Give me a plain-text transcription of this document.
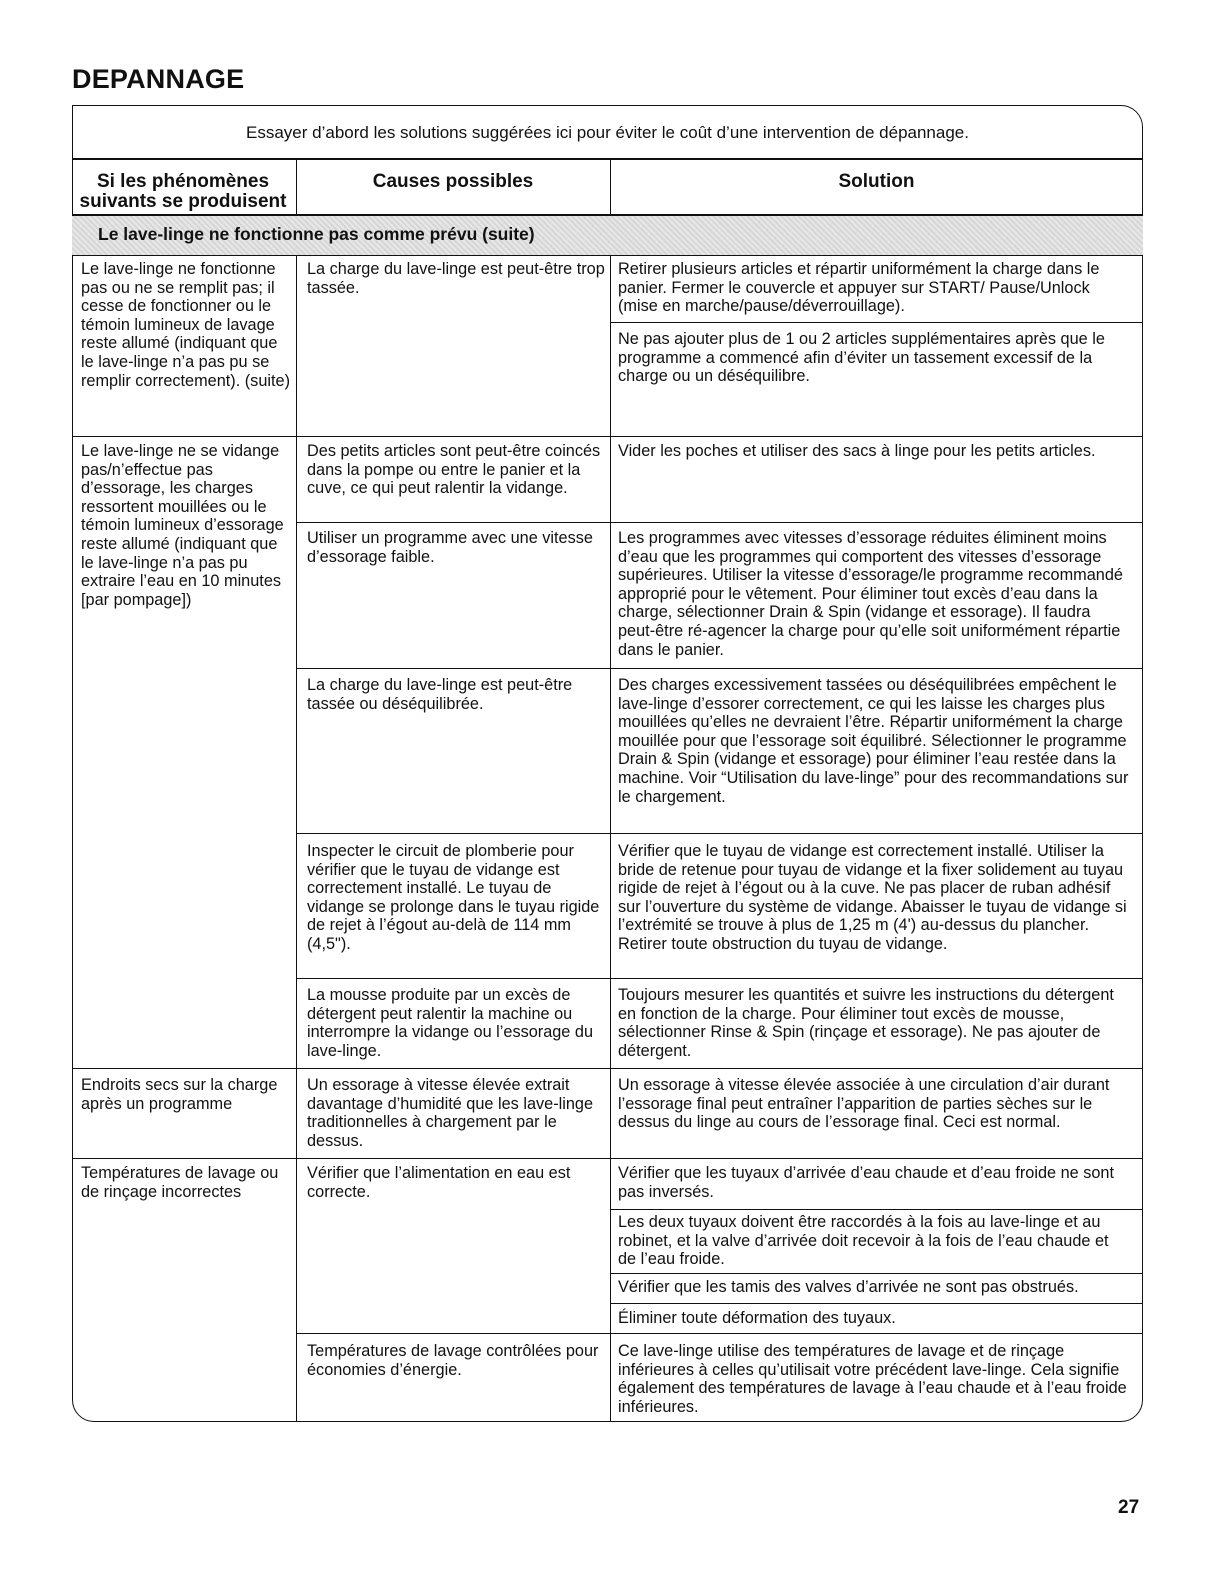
DEPANNAGE
Essayer d’abord les solutions suggérées ici pour éviter le coût d’une intervention de dépannage.
Si les phénomènes suivants se produisent
Causes possibles	Solution
Le lave-linge ne fonctionne pas comme prévu (suite)

Le lave-linge ne fonctionne pas ou ne se remplit pas; il cesse de fonctionner ou le témoin lumineux de lavage reste allumé (indiquant que le lave-linge n’a pas pu se remplir correctement). (suite)

La charge du lave-linge est peut-être trop tassée.

Retirer plusieurs articles et répartir uniformément la charge dans le panier. Fermer le couvercle et appuyer sur START/ Pause/Unlock (mise en marche/pause/déverrouillage).

Ne pas ajouter plus de 1 ou 2 articles supplémentaires après que le programme a commencé afin d’éviter un tassement excessif de la charge ou un déséquilibre.

Le lave-linge ne se vidange pas/n’effectue pas d’essorage, les charges ressortent mouillées ou le témoin lumineux d’essorage reste allumé (indiquant que le lave-linge n’a pas pu extraire l’eau en 10 minutes [par pompage])

Des petits articles sont peut-être coincés dans la pompe ou entre le panier et la cuve, ce qui peut ralentir la vidange.

Vider les poches et utiliser des sacs à linge pour les petits articles.

Utiliser un programme avec une vitesse d’essorage faible.

Les programmes avec vitesses d’essorage réduites éliminent moins d’eau que les programmes qui comportent des vitesses d’essorage supérieures. Utiliser la vitesse d’essorage/le programme recommandé approprié pour le vêtement. Pour éliminer tout excès d’eau dans la charge, sélectionner Drain & Spin (vidange et essorage). Il faudra peut-être ré-agencer la charge pour qu’elle soit uniformément répartie dans le panier.

La charge du lave-linge est peut-être tassée ou déséquilibrée.

Des charges excessivement tassées ou déséquilibrées empêchent le lave-linge d’essorer correctement, ce qui les laisse les charges plus mouillées qu’elles ne devraient l’être. Répartir uniformément la charge mouillée pour que l’essorage soit équilibré. Sélectionner le programme Drain & Spin (vidange et essorage) pour éliminer l’eau restée dans la machine. Voir “Utilisation du lave-linge” pour des recommandations sur le chargement.

Inspecter le circuit de plomberie pour vérifier que le tuyau de vidange est correctement installé. Le tuyau de vidange se prolonge dans le tuyau rigide de rejet à l’égout au-delà de 114 mm (4,5").

Vérifier que le tuyau de vidange est correctement installé. Utiliser la bride de retenue pour tuyau de vidange et la fixer solidement au tuyau rigide de rejet à l’égout ou à la cuve. Ne pas placer de ruban adhésif sur l’ouverture du système de vidange. Abaisser le tuyau de vidange si l’extrémité se trouve à plus de 1,25 m (4') au-dessus du plancher. Retirer toute obstruction du tuyau de vidange.

La mousse produite par un excès de détergent peut ralentir la machine ou interrompre la vidange ou l’essorage du lave-linge.

Toujours mesurer les quantités et suivre les instructions du détergent en fonction de la charge. Pour éliminer tout excès de mousse, sélectionner Rinse & Spin (rinçage et essorage). Ne pas ajouter de détergent.

Endroits secs sur la charge après un programme

Un essorage à vitesse élevée extrait davantage d’humidité que les lave-linge traditionnelles à chargement par le dessus.

Un essorage à vitesse élevée associée à une circulation d’air durant l’essorage final peut entraîner l’apparition de parties sèches sur le dessus du linge au cours de l’essorage final. Ceci est normal.

Températures de lavage ou de rinçage incorrectes

Vérifier que l’alimentation en eau est correcte.

Vérifier que les tuyaux d’arrivée d’eau chaude et d’eau froide ne sont pas inversés.

Les deux tuyaux doivent être raccordés à la fois au lave-linge et au robinet, et la valve d’arrivée doit recevoir à la fois de l’eau chaude et de l’eau froide.

Vérifier que les tamis des valves d’arrivée ne sont pas obstrués.

Éliminer toute déformation des tuyaux.

Températures de lavage contrôlées pour économies d’énergie.

Ce lave-linge utilise des températures de lavage et de rinçage inférieures à celles qu’utilisait votre précédent lave-linge. Cela signifie également des températures de lavage à l’eau chaude et à l’eau froide inférieures.

27
